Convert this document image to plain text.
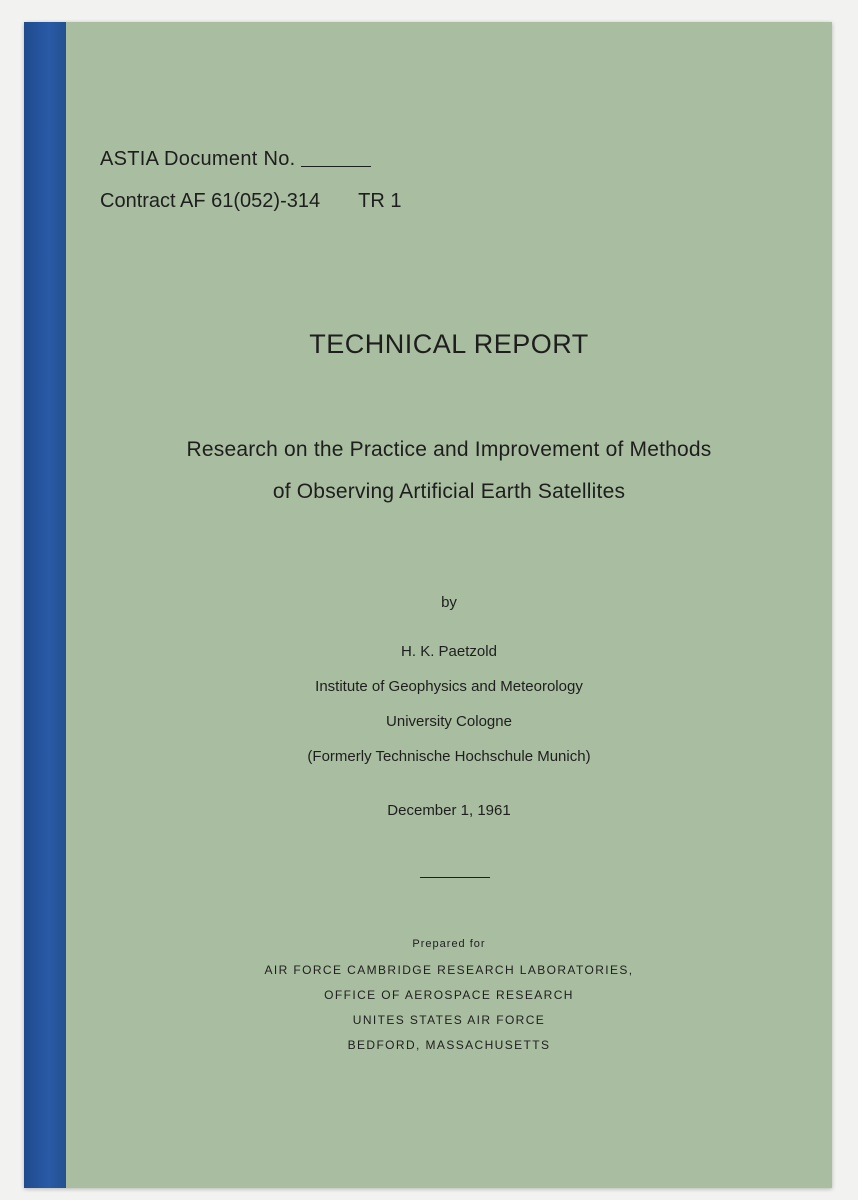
ASTIA Document No.
Contract AF 61(052)-314 TR 1
TECHNICAL REPORT
Research on the Practice and Improvement of Methods
of Observing Artificial Earth Satellites
by
H. K. Paetzold
Institute of Geophysics and Meteorology
University Cologne
(Formerly Technische Hochschule Munich)
December 1, 1961
Prepared for
AIR FORCE CAMBRIDGE RESEARCH LABORATORIES,
OFFICE OF AEROSPACE RESEARCH
UNITES STATES AIR FORCE
BEDFORD, MASSACHUSETTS
